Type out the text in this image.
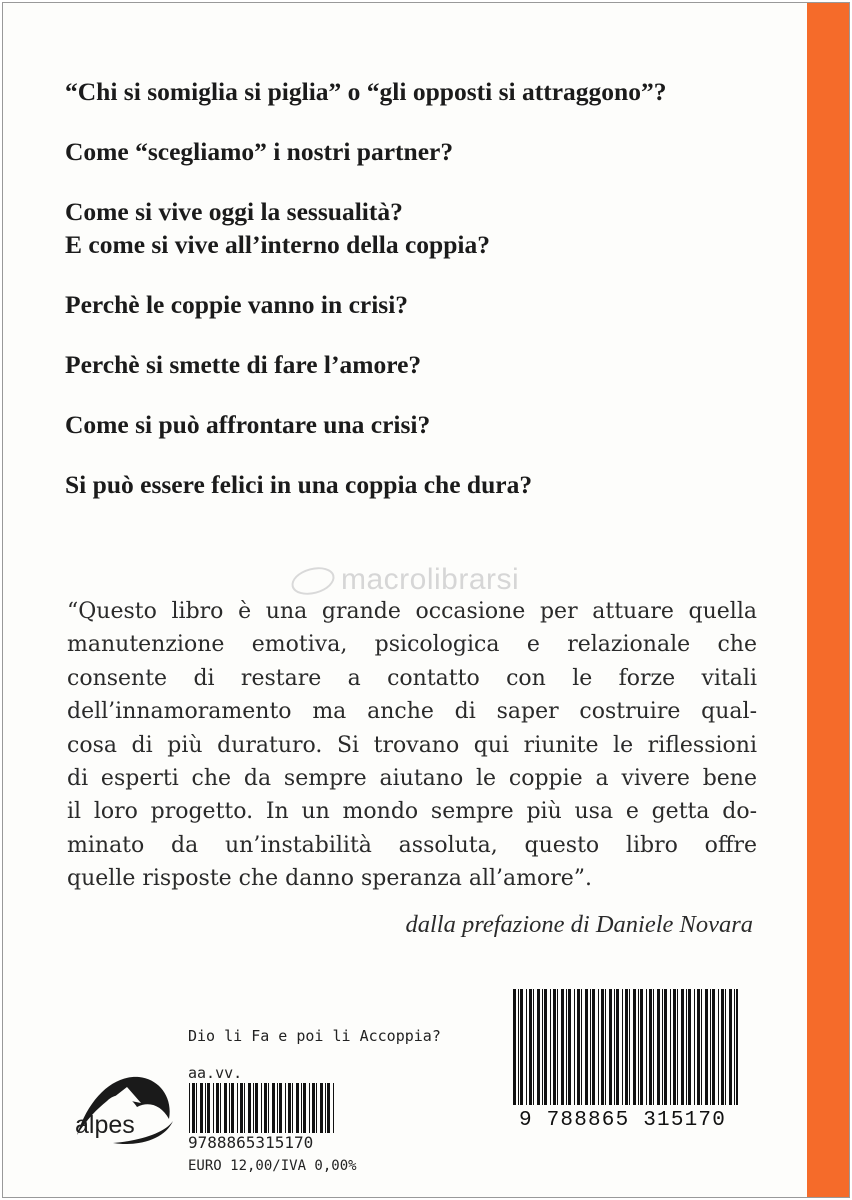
“Chi si somiglia si piglia” o “gli opposti si attraggono”?
Come “scegliamo” i nostri partner?
Come si vive oggi la sessualità?
E come si vive all’interno della coppia?
Perchè le coppie vanno in crisi?
Perchè si smette di fare l’amore?
Come si può affrontare una crisi?
Si può essere felici in una coppia che dura?
macrolibrarsi
“Questo libro è una grande occasione per attuare quella
manutenzione emotiva, psicologica e relazionale che
consente di restare a contatto con le forze vitali
dell’innamoramento ma anche di saper costruire qual-
cosa di più duraturo. Si trovano qui riunite le riflessioni
di esperti che da sempre aiutano le coppie a vivere bene
il loro progetto. In un mondo sempre più usa e getta do-
minato da un’instabilità assoluta, questo libro offre
quelle risposte che danno speranza all’amore”.
dalla prefazione di Daniele Novara
alpes
Dio li Fa e poi li Accoppia?
aa.vv.
9788865315170
EURO 12,00/IVA 0,00%
9 788865 315170
